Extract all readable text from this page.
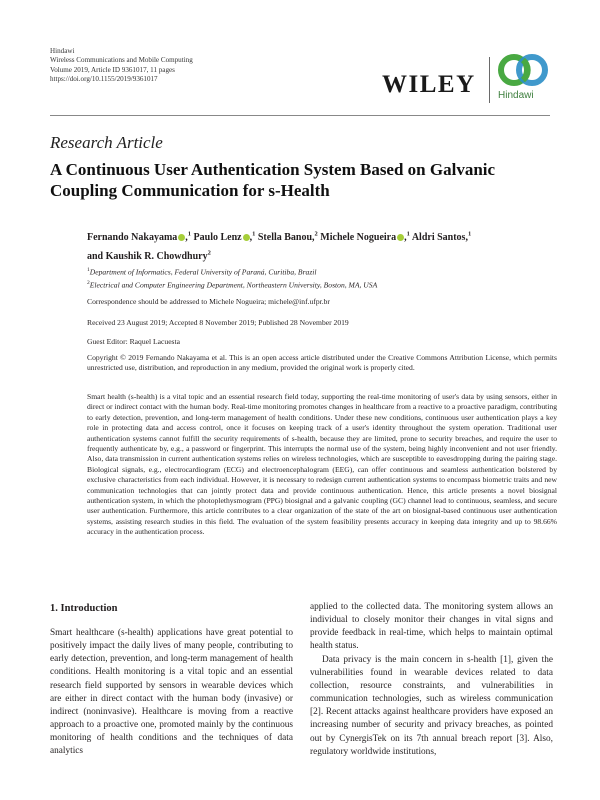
Hindawi
Wireless Communications and Mobile Computing
Volume 2019, Article ID 9361017, 11 pages
https://doi.org/10.1155/2019/9361017	WILEY Hindawi
Research Article
A Continuous User Authentication System Based on Galvanic Coupling Communication for s-Health
Fernando Nakayama ,$^1$ Paulo Lenz ,$^1$ Stella Banou,$^2$ Michele Nogueira ,$^1$ Aldri Santos,$^1$
and Kaushik R. Chowdhury$^2$
$^1$Department of Informatics, Federal University of Paraná, Curitiba, Brazil
$^2$Electrical and Computer Engineering Department, Northeastern University, Boston, MA, USA
Correspondence should be addressed to Michele Nogueira; michele@inf.ufpr.br
Received 23 August 2019; Accepted 8 November 2019; Published 28 November 2019
Guest Editor: Raquel Lacuesta
Copyright © 2019 Fernando Nakayama et al. This is an open access article distributed under the Creative Commons Attribution License, which permits unrestricted use, distribution, and reproduction in any medium, provided the original work is properly cited.
Smart health (s-health) is a vital topic and an essential research field today, supporting the real-time monitoring of user's data by using sensors, either in direct or indirect contact with the human body. Real-time monitoring promotes changes in healthcare from a reactive to a proactive paradigm, contributing to early detection, prevention, and long-term management of health conditions. Under these new conditions, continuous user authentication plays a key role in protecting data and access control, once it focuses on keeping track of a user's identity throughout the system operation. Traditional user authentication systems cannot fulfill the security requirements of s-health, because they are limited, prone to security breaches, and require the user to frequently authenticate by, e.g., a password or fingerprint. This interrupts the normal use of the system, being highly inconvenient and not user friendly. Also, data transmission in current authentication systems relies on wireless technologies, which are susceptible to eavesdropping during the pairing stage. Biological signals, e.g., electrocardiogram (ECG) and electroencephalogram (EEG), can offer continuous and seamless authentication bolstered by exclusive characteristics from each individual. However, it is necessary to redesign current authentication systems to encompass biometric traits and new communication technologies that can jointly protect data and provide continuous authentication. Hence, this article presents a novel biosignal authentication system, in which the photoplethysmogram (PPG) biosignal and a galvanic coupling (GC) channel lead to continuous, seamless, and secure user authentication. Furthermore, this article contributes to a clear organization of the state of the art on biosignal-based continuous user authentication systems, assisting research studies in this field. The evaluation of the system feasibility presents accuracy in keeping data integrity and up to 98.66% accuracy in the authentication process.
1. Introduction

Smart healthcare (s-health) applications have great potential to positively impact the daily lives of many people, contributing to early detection, prevention, and long-term management of health conditions. Health monitoring is a vital topic and an essential research field supported by sensors in wearable devices which are either in direct contact with the human body (invasive) or indirect (noninvasive). Healthcare is moving from a reactive approach to a proactive one, promoted mainly by the continuous monitoring of health conditions and the techniques of data analytics

applied to the collected data. The monitoring system allows an individual to closely monitor their changes in vital signs and provide feedback in real-time, which helps to maintain optimal health status.

Data privacy is the main concern in s-health [1], given the vulnerabilities found in wearable devices related to data collection, resource constraints, and vulnerabilities in communication technologies, such as wireless communication [2]. Recent attacks against healthcare providers have exposed an increasing number of security and privacy breaches, as pointed out by CynergisTek on its 7th annual breach report [3]. Also, regulatory worldwide institutions,
